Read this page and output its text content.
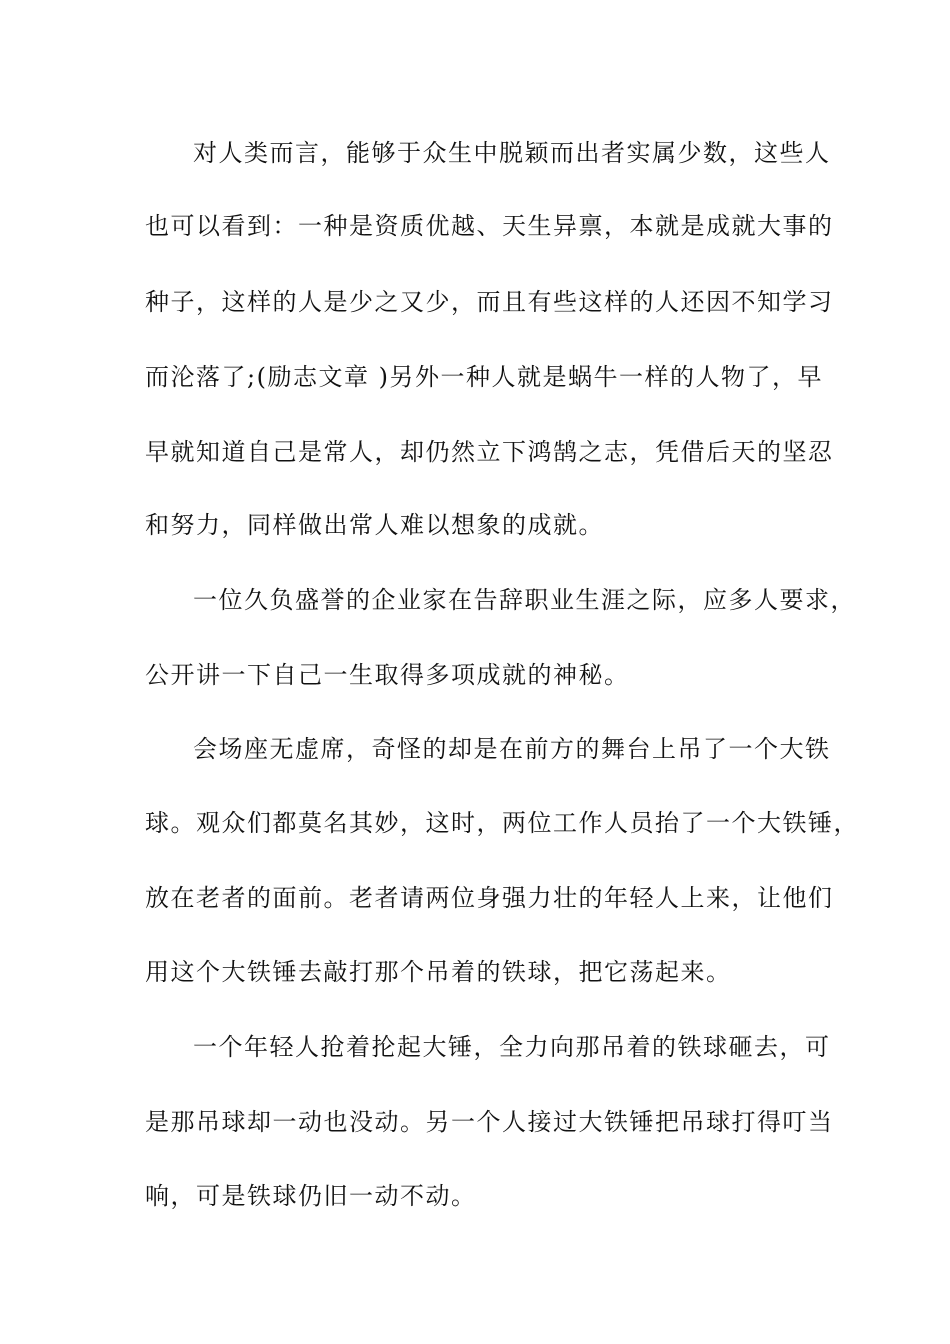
对人类而言，能够于众生中脱颖而出者实属少数，这些人
也可以看到：一种是资质优越、天生异禀，本就是成就大事的
种子，这样的人是少之又少，而且有些这样的人还因不知学习
而沦落了;(励志文章 )另外一种人就是蜗牛一样的人物了，早
早就知道自己是常人，却仍然立下鸿鹄之志，凭借后天的坚忍
和努力，同样做出常人难以想象的成就。
一位久负盛誉的企业家在告辞职业生涯之际，应多人要求，
公开讲一下自己一生取得多项成就的神秘。
会场座无虚席，奇怪的却是在前方的舞台上吊了一个大铁
球。观众们都莫名其妙，这时，两位工作人员抬了一个大铁锤，
放在老者的面前。老者请两位身强力壮的年轻人上来，让他们
用这个大铁锤去敲打那个吊着的铁球，把它荡起来。
一个年轻人抢着抡起大锤，全力向那吊着的铁球砸去，可
是那吊球却一动也没动。另一个人接过大铁锤把吊球打得叮当
响，可是铁球仍旧一动不动。
